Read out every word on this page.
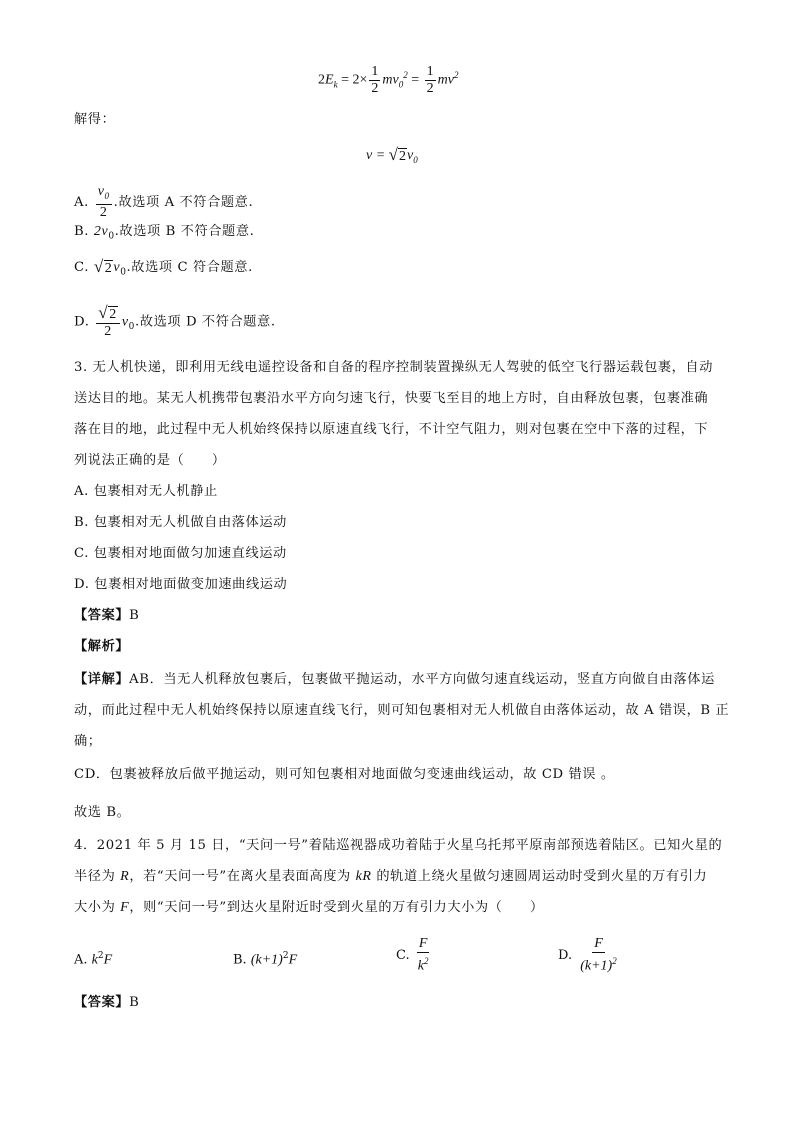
$2E_k = 2\times \frac{1}{2} mv_0^2 = \frac{1}{2} mv^2$
解得：
v = √ 2 $v_0$
A. $\frac{v_0}{2}$ .故选项 A 不符合题意.
B. $2v_0$.故选项 B 不符合题意.
C. √ 2 $v_0$.故选项 C 符合题意.
D. $\frac{√ 2}{2} v_0$.故选项 D 不符合题意.
3. 无人机快递，即利用无线电遥控设备和自备的程序控制装置操纵无人驾驶的低空飞行器运载包裹，自动
送达目的地。某无人机携带包裹沿水平方向匀速飞行，快要飞至目的地上方时，自由释放包裹，包裹准确
落在目的地，此过程中无人机始终保持以原速直线飞行，不计空气阻力，则对包裹在空中下落的过程，下
列说法正确的是（　　）
A. 包裹相对无人机静止
B. 包裹相对无人机做自由落体运动
C. 包裹相对地面做匀加速直线运动
D. 包裹相对地面做变加速曲线运动
【答案】B
【解析】
【详解】AB．当无人机释放包裹后，包裹做平抛运动，水平方向做匀速直线运动，竖直方向做自由落体运
动，而此过程中无人机始终保持以原速直线飞行，则可知包裹相对无人机做自由落体运动，故 A 错误，B 正
确；
CD．包裹被释放后做平抛运动，则可知包裹相对地面做匀变速曲线运动，故 CD 错误 。
故选 B。
4．2021 年 5 月 15 日，“天问一号”着陆巡视器成功着陆于火星乌托邦平原南部预选着陆区。已知火星的
半径为 R，若“天问一号”在离火星表面高度为 kR 的轨道上绕火星做匀速圆周运动时受到火星的万有引力
大小为 F，则“天问一号”到达火星附近时受到火星的万有引力大小为（　　）
A. $k^2F$	B. $(k+1)^2F$	C. $\frac{F}{k^2}$	D. $\frac{F}{(k+1)^2}$
【答案】B
